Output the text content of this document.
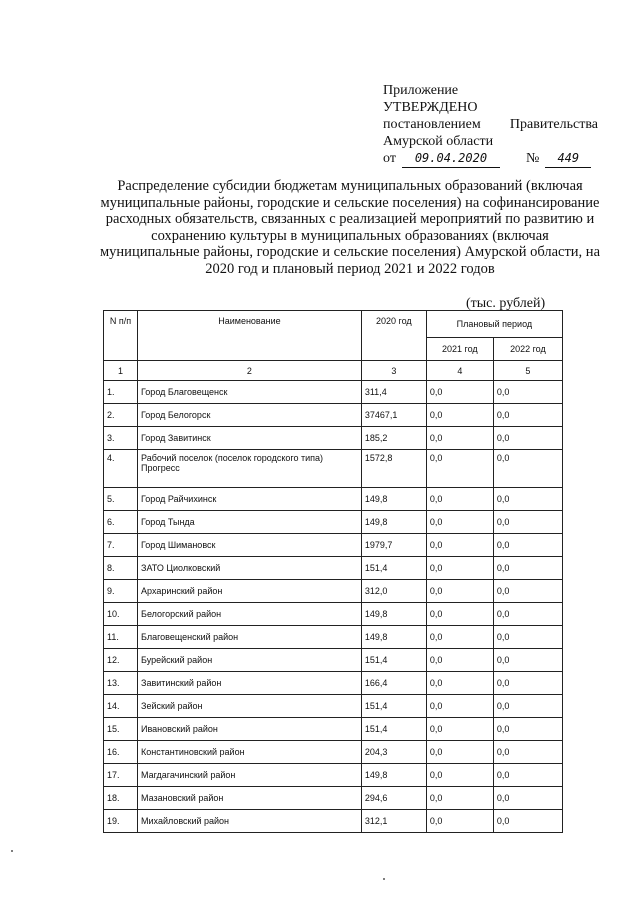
Приложение
УТВЕРЖДЕНО
постановлением Правительства
Амурской области
от	09.04.2020	№	449
Распределение субсидии бюджетам муниципальных образований (включая муниципальные районы, городские и сельские поселения) на софинансирование расходных обязательств, связанных с реализацией мероприятий по развитию и сохранению культуры в муниципальных образованиях (включая муниципальные районы, городские и сельские поселения) Амурской области, на 2020 год и плановый период 2021 и 2022 годов
(тыс. рублей)
N п/п	Наименование	2020 год	Плановый период	
			2021 год	2022 год
1	2	3	4	5
1.	Город Благовещенск	311,4	0,0	0,0
2.	Город Белогорск	37467,1	0,0	0,0
3.	Город Завитинск	185,2	0,0	0,0
4.	Рабочий поселок (поселок городского типа) Прогресс	1572,8	0,0	0,0
5.	Город Райчихинск	149,8	0,0	0,0
6.	Город Тында	149,8	0,0	0,0
7.	Город Шимановск	1979,7	0,0	0,0
8.	ЗАТО Циолковский	151,4	0,0	0,0
9.	Архаринский район	312,0	0,0	0,0
10.	Белогорский район	149,8	0,0	0,0
11.	Благовещенский район	149,8	0,0	0,0
12.	Бурейский район	151,4	0,0	0,0
13.	Завитинский район	166,4	0,0	0,0
14.	Зейский район	151,4	0,0	0,0
15.	Ивановский район	151,4	0,0	0,0
16.	Константиновский район	204,3	0,0	0,0
17.	Магдагачинский район	149,8	0,0	0,0
18.	Мазановский район	294,6	0,0	0,0
19.	Михайловский район	312,1	0,0	0,0
